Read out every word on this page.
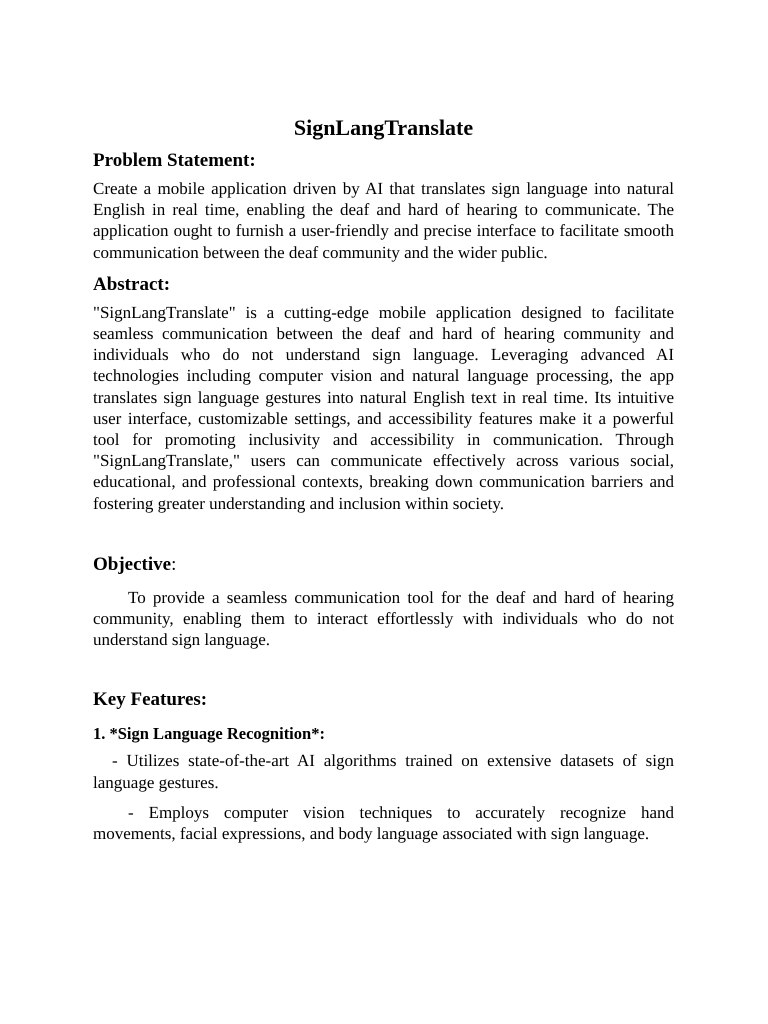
SignLangTranslate
Problem Statement:

Create a mobile application driven by AI that translates sign language into natural English in real time, enabling the deaf and hard of hearing to communicate. The application ought to furnish a user-friendly and precise interface to facilitate smooth communication between the deaf community and the wider public.

Abstract:

"SignLangTranslate" is a cutting-edge mobile application designed to facilitate seamless communication between the deaf and hard of hearing community and individuals who do not understand sign language. Leveraging advanced AI technologies including computer vision and natural language processing, the app translates sign language gestures into natural English text in real time. Its intuitive user interface, customizable settings, and accessibility features make it a powerful tool for promoting inclusivity and accessibility in communication. Through "SignLangTranslate," users can communicate effectively across various social, educational, and professional contexts, breaking down communication barriers and fostering greater understanding and inclusion within society.

Objective:

To provide a seamless communication tool for the deaf and hard of hearing community, enabling them to interact effortlessly with individuals who do not understand sign language.

Key Features:
1. *Sign Language Recognition*:

- Utilizes state-of-the-art AI algorithms trained on extensive datasets of sign language gestures.

- Employs computer vision techniques to accurately recognize hand movements, facial expressions, and body language associated with sign language.
